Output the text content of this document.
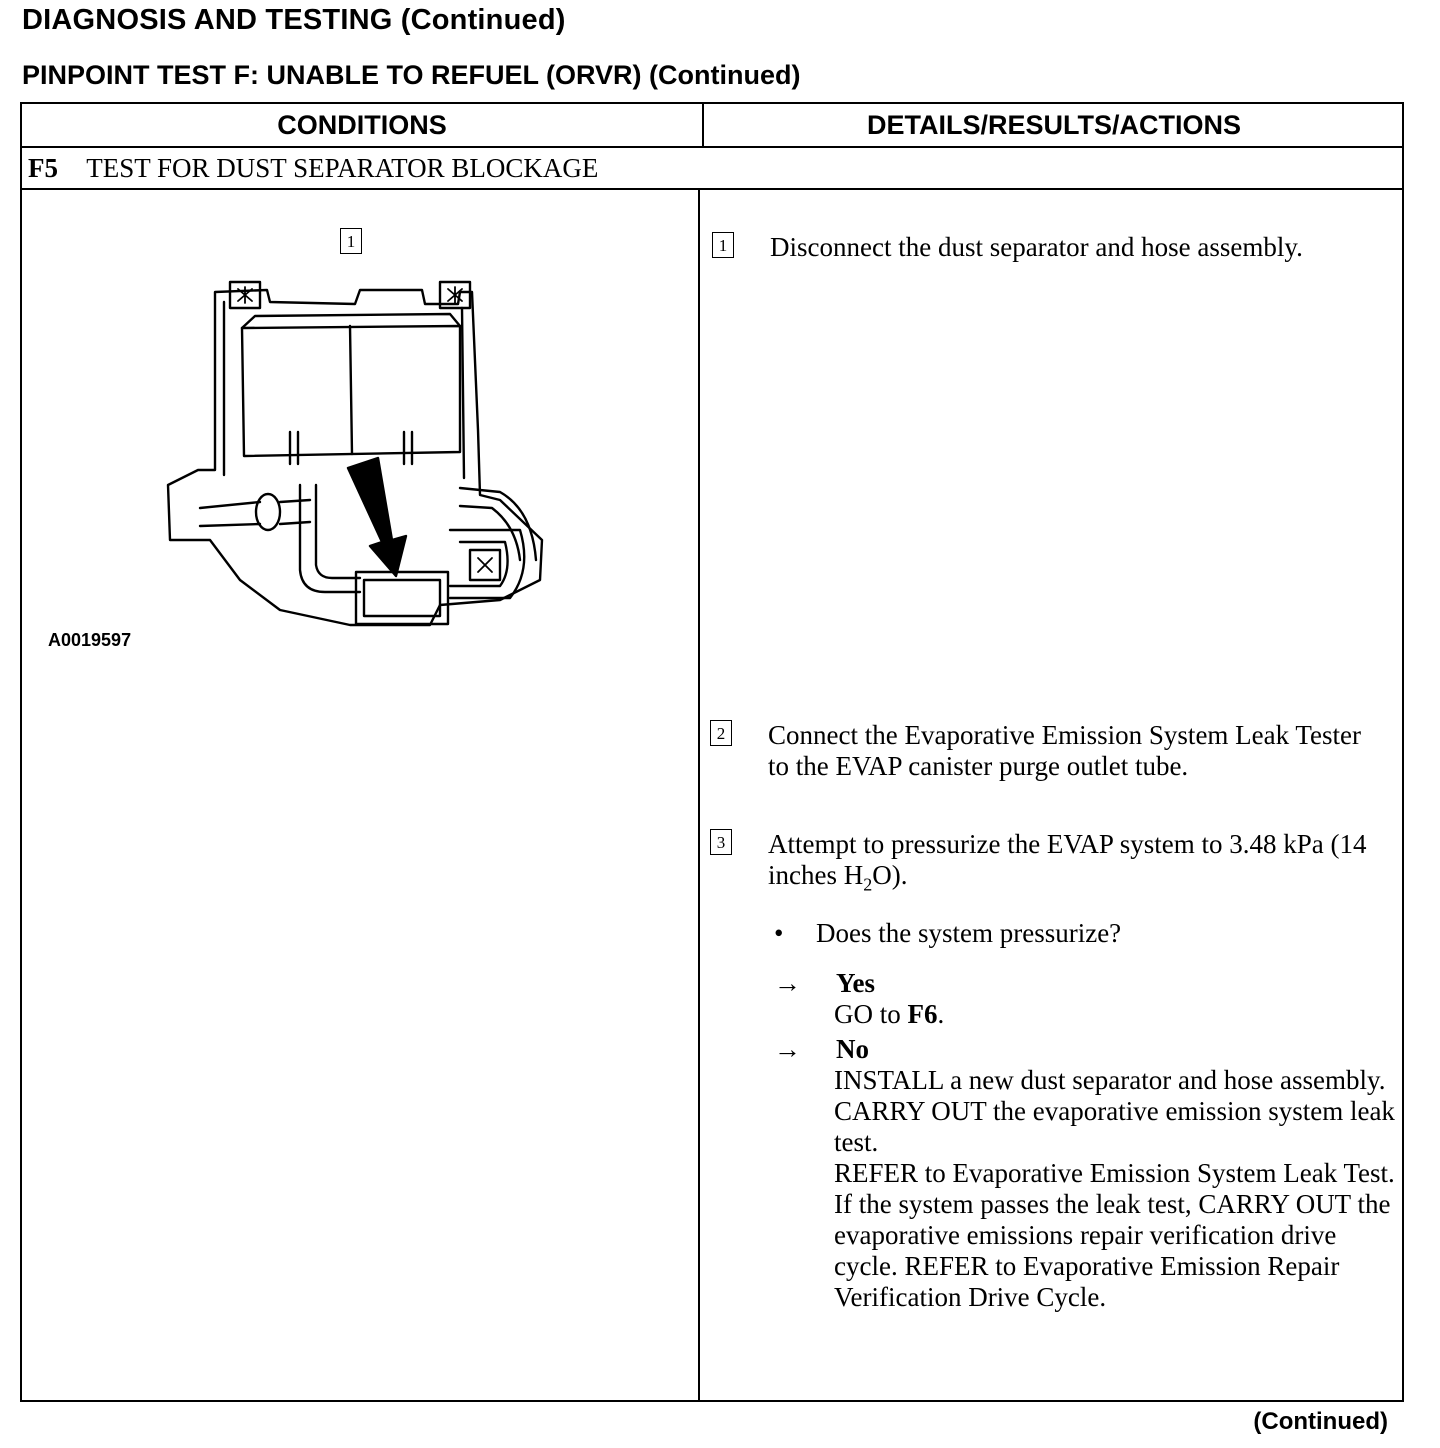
DIAGNOSIS AND TESTING (Continued)
PINPOINT TEST F: UNABLE TO REFUEL (ORVR) (Continued)
CONDITIONS	DETAILS/RESULTS/ACTIONS
F5 TEST FOR DUST SEPARATOR BLOCKAGE
1
A0019597
1 Disconnect the dust separator and hose assembly.
2 Connect the Evaporative Emission System Leak Tester to the EVAP canister purge outlet tube.
3 Attempt to pressurize the EVAP system to 3.48 kPa (14 inches $H_2O$).
• Does the system pressurize?
→ Yes
GO to F6.
→ No
INSTALL a new dust separator and hose assembly.
CARRY OUT the evaporative emission system leak test.
REFER to Evaporative Emission System Leak Test. If the system passes the leak test, CARRY OUT the evaporative emissions repair verification drive cycle. REFER to Evaporative Emission Repair Verification Drive Cycle.
(Continued)
